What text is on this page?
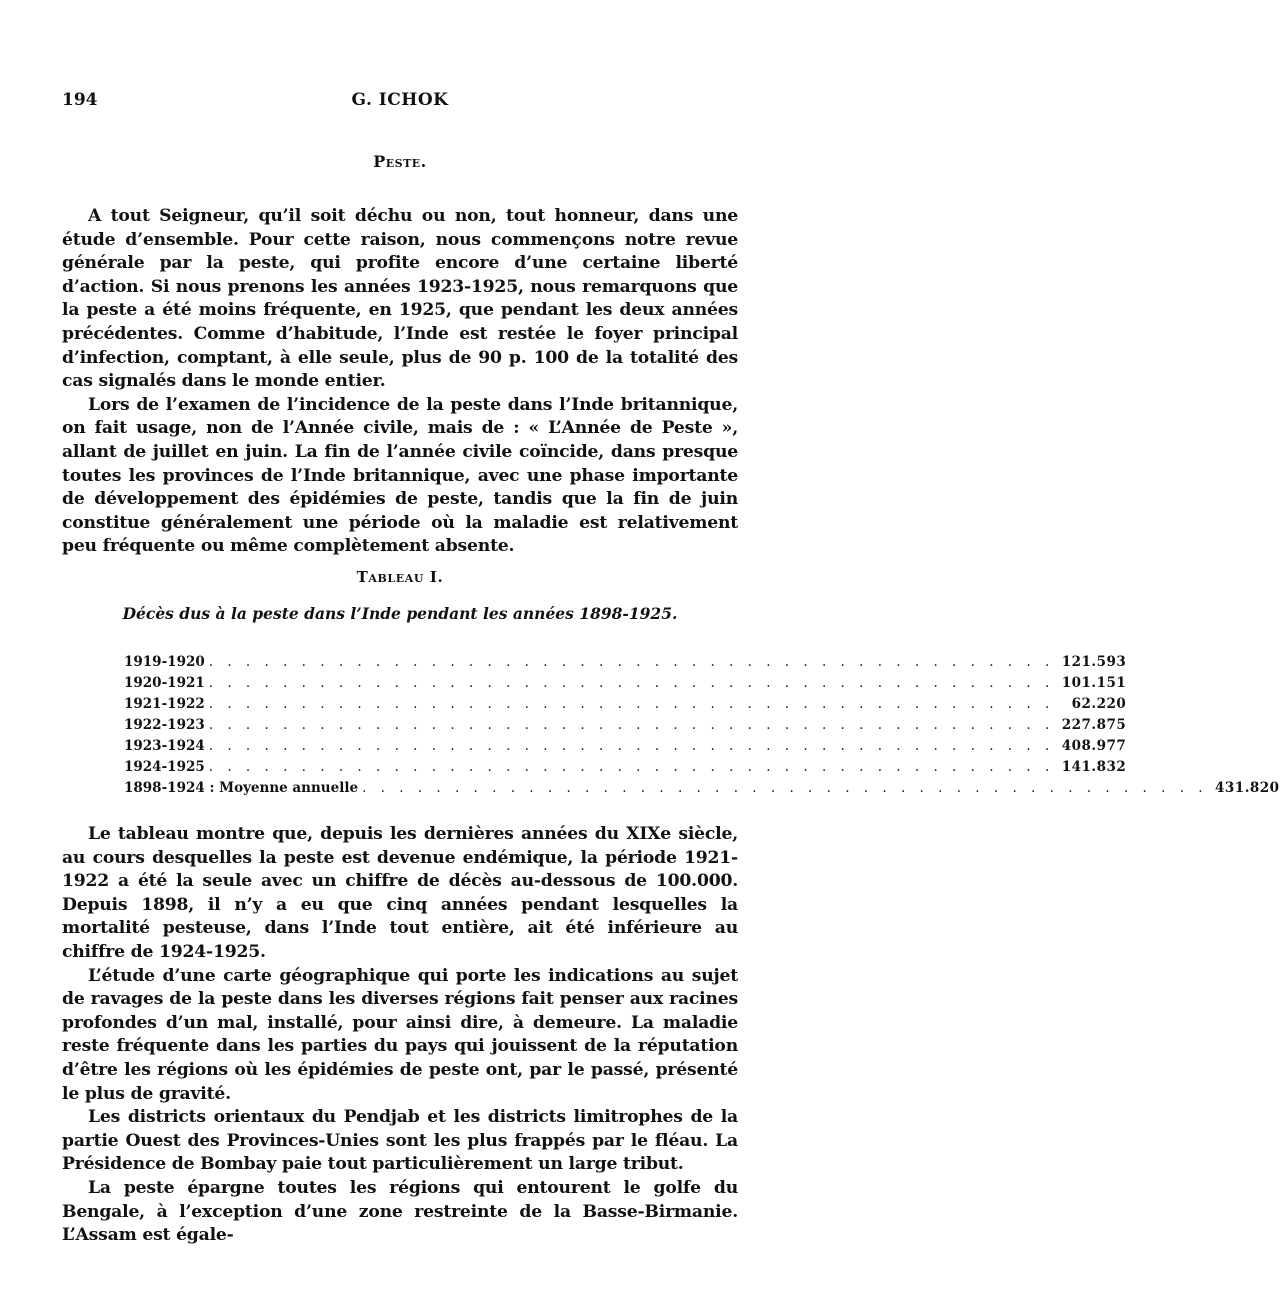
194	G. ICHOK
Peste.

A tout Seigneur, qu’il soit déchu ou non, tout honneur, dans une étude d’ensemble. Pour cette raison, nous commençons notre revue générale par la peste, qui profite encore d’une certaine liberté d’action. Si nous prenons les années 1923-1925, nous remarquons que la peste a été moins fréquente, en 1925, que pendant les deux années précédentes. Comme d’habitude, l’Inde est restée le foyer principal d’infection, comptant, à elle seule, plus de 90 p. 100 de la totalité des cas signalés dans le monde entier.

Lors de l’examen de l’incidence de la peste dans l’Inde britannique, on fait usage, non de l’Année civile, mais de : « L’Année de Peste », allant de juillet en juin. La fin de l’année civile coïncide, dans presque toutes les provinces de l’Inde britannique, avec une phase importante de développement des épidémies de peste, tandis que la fin de juin constitue généralement une période où la maladie est relativement peu fréquente ou même complètement absente.

Tableau I.
Décès dus à la peste dans l’Inde pendant les années 1898-1925.
1919-1920 . . . . . . . . . . . . . . . . . . . . . . . . . . . . . . . . . . . . . . . . . . . . . . 121.593
1920-1921 . . . . . . . . . . . . . . . . . . . . . . . . . . . . . . . . . . . . . . . . . . . . . . 101.151
1921-1922 . . . . . . . . . . . . . . . . . . . . . . . . . . . . . . . . . . . . . . . . . . . . . .	62.220
1922-1923 . . . . . . . . . . . . . . . . . . . . . . . . . . . . . . . . . . . . . . . . . . . . . . 227.875
1923-1924 . . . . . . . . . . . . . . . . . . . . . . . . . . . . . . . . . . . . . . . . . . . . . . 408.977
1924-1925 . . . . . . . . . . . . . . . . . . . . . . . . . . . . . . . . . . . . . . . . . . . . . . 141.832
1898-1924 : Moyenne annuelle . . . . . . . . . . . . . . . . . . . . . . . . . . . . . . . . . . . . . . . . . . . . . . 431.820

Le tableau montre que, depuis les dernières années du XIXe siècle, au cours desquelles la peste est devenue endémique, la période 1921-1922 a été la seule avec un chiffre de décès au-dessous de 100.000. Depuis 1898, il n’y a eu que cinq années pendant lesquelles la mortalité pesteuse, dans l’Inde tout entière, ait été inférieure au chiffre de 1924-1925.

L’étude d’une carte géographique qui porte les indications au sujet de ravages de la peste dans les diverses régions fait penser aux racines profondes d’un mal, installé, pour ainsi dire, à demeure. La maladie reste fréquente dans les parties du pays qui jouissent de la réputation d’être les régions où les épidémies de peste ont, par le passé, présenté le plus de gravité.

Les districts orientaux du Pendjab et les districts limitrophes de la partie Ouest des Provinces-Unies sont les plus frappés par le fléau. La Présidence de Bombay paie tout particulièrement un large tribut.

La peste épargne toutes les régions qui entourent le golfe du Bengale, à l’exception d’une zone restreinte de la Basse-Birmanie. L’Assam est égale-
